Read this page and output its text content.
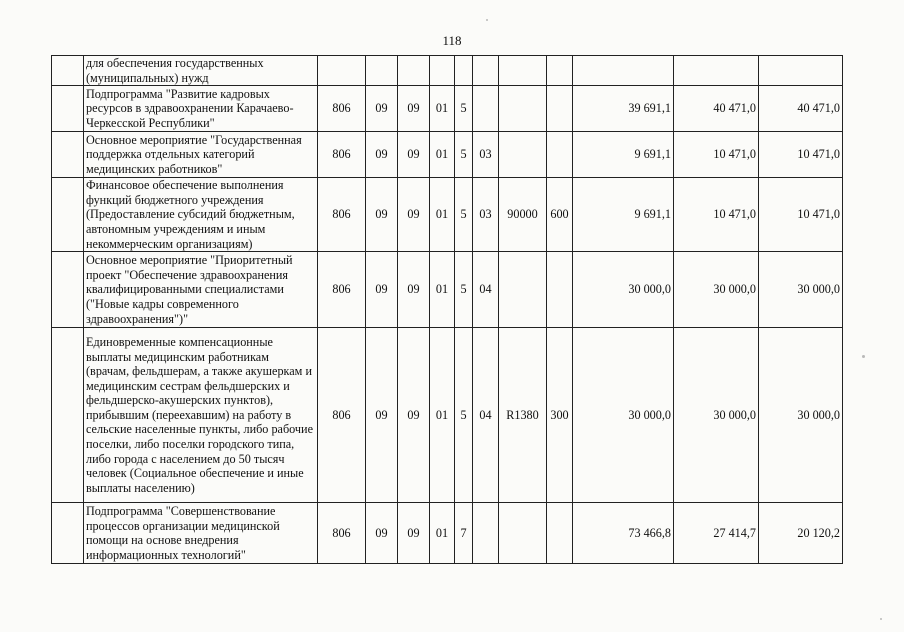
118
	для обеспечения государственных (муниципальных) нужд											
	Подпрограмма "Развитие кадровых ресурсов в здравоохранении Карачаево-Черкесской Республики"	806	09	09	01	5				39 691,1	40 471,0	40 471,0
	Основное мероприятие "Государственная поддержка отдельных категорий медицинских работников"	806	09	09	01	5	03			9 691,1	10 471,0	10 471,0
	Финансовое обеспечение выполнения функций бюджетного учреждения (Предоставление субсидий бюджетным, автономным учреждениям и иным некоммерческим организациям)	806	09	09	01	5	03	90000	600	9 691,1	10 471,0	10 471,0
	Основное мероприятие "Приоритетный проект "Обеспечение здравоохранения квалифицированными специалистами ("Новые кадры современного здравоохранения")"	806	09	09	01	5	04			30 000,0	30 000,0	30 000,0
	Единовременные компенсационные выплаты медицинским работникам (врачам, фельдшерам, а также акушеркам и медицинским сестрам фельдшерских и фельдшерско-акушерских пунктов), прибывшим (переехавшим) на работу в сельские населенные пункты, либо рабочие поселки, либо поселки городского типа, либо города с населением до 50 тысяч человек (Социальное обеспечение и иные выплаты населению)	806	09	09	01	5	04	R1380	300	30 000,0	30 000,0	30 000,0
	Подпрограмма "Совершенствование процессов организации медицинской помощи на основе внедрения информационных технологий"	806	09	09	01	7				73 466,8	27 414,7	20 120,2
